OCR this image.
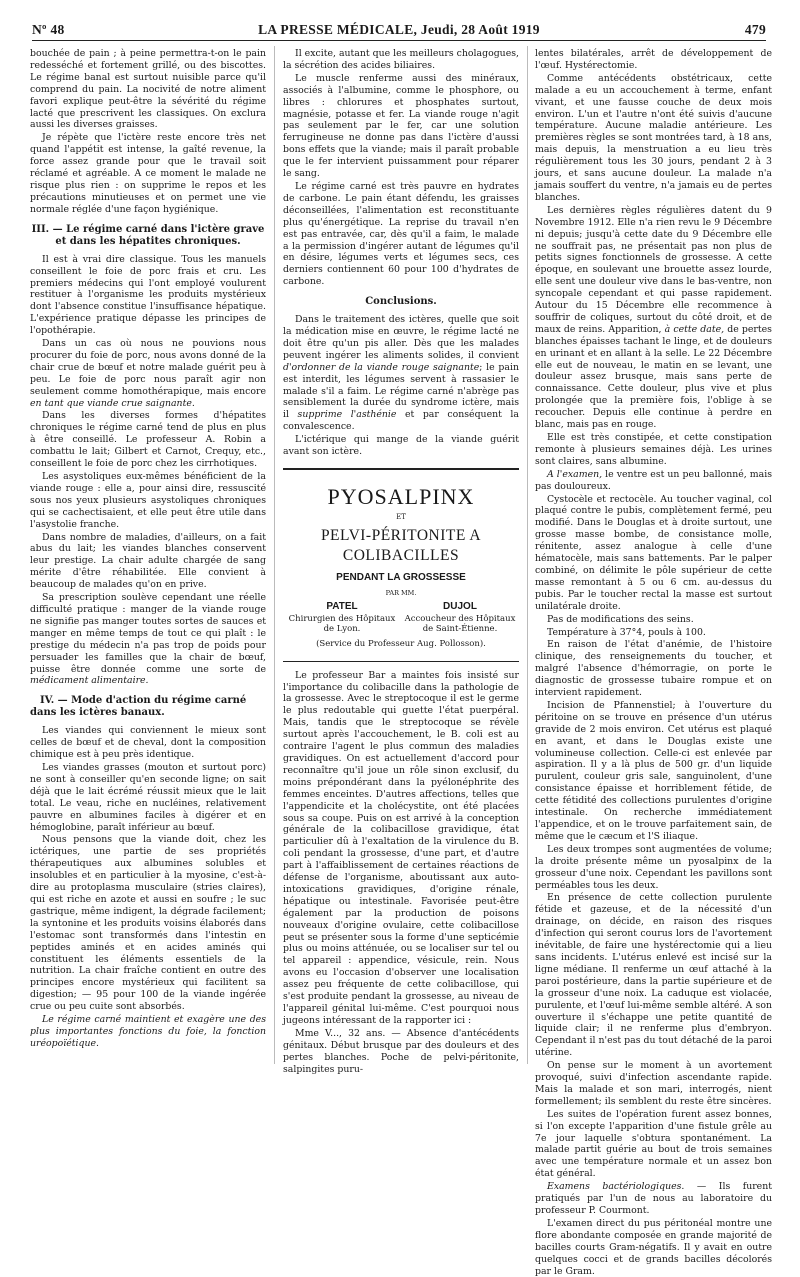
Nº 48	LA PRESSE MÉDICALE, Jeudi, 28 Août 1919	479

bouchée de pain ; à peine permettra-t-on le pain redesséché et fortement grillé, ou des biscottes. Le régime banal est surtout nuisible parce qu'il comprend du pain. La nocivité de notre aliment favori explique peut-être la sévérité du régime lacté que prescrivent les classiques. On exclura aussi les diverses graisses.

Je répète que l'ictère reste encore très net quand l'appétit est intense, la gaîté revenue, la force assez grande pour que le travail soit réclamé et agréable. A ce moment le malade ne risque plus rien : on supprime le repos et les précautions minutieuses et on permet une vie normale réglée d'une façon hygiénique.

III. — Le régime carné dans l'ictère grave et dans les hépatites chroniques.

Il est à vrai dire classique. Tous les manuels conseillent le foie de porc frais et cru. Les premiers médecins qui l'ont employé voulurent restituer à l'organisme les produits mystérieux dont l'absence constitue l'insuffisance hépatique. L'expérience pratique dépasse les principes de l'opothérapie.

Dans un cas où nous ne pouvions nous procurer du foie de porc, nous avons donné de la chair crue de bœuf et notre malade guérit peu à peu. Le foie de porc nous paraît agir non seulement comme homothérapique, mais encore en tant que viande crue saignante.

Dans les diverses formes d'hépatites chroniques le régime carné tend de plus en plus à être conseillé. Le professeur A. Robin a combattu le lait; Gilbert et Carnot, Crequy, etc., conseillent le foie de porc chez les cirrhotiques.

Les asystoliques eux-mêmes bénéficient de la viande rouge : elle a, pour ainsi dire, ressuscité sous nos yeux plusieurs asystoliques chroniques qui se cachectisaient, et elle peut être utile dans l'asystolie franche.

Dans nombre de maladies, d'ailleurs, on a fait abus du lait; les viandes blanches conservent leur prestige. La chair adulte chargée de sang mérite d'être réhabilitée. Elle convient à beaucoup de malades qu'on en prive.

Sa prescription soulève cependant une réelle difficulté pratique : manger de la viande rouge ne signifie pas manger toutes sortes de sauces et manger en même temps de tout ce qui plaît : le prestige du médecin n'a pas trop de poids pour persuader les familles que la chair de bœuf, puisse être donnée comme une sorte de médicament alimentaire.

IV. — Mode d'action du régime carné dans les ictères banaux.

Les viandes qui conviennent le mieux sont celles de bœuf et de cheval, dont la composition chimique est à peu près identique.

Les viandes grasses (mouton et surtout porc) ne sont à conseiller qu'en seconde ligne; on sait déjà que le lait écrémé réussit mieux que le lait total. Le veau, riche en nucléines, relativement pauvre en albumines faciles à digérer et en hémoglobine, paraît inférieur au bœuf.

Nous pensons que la viande doit, chez les ictériques, une partie de ses propriétés thérapeutiques aux albumines solubles et insolubles et en particulier à la myosine, c'est-à-dire au protoplasma musculaire (stries claires), qui est riche en azote et aussi en soufre ; le suc gastrique, même indigent, la dégrade facilement; la syntonine et les produits voisins élaborés dans l'estomac sont transformés dans l'intestin en peptides aminés et en acides aminés qui constituent les éléments essentiels de la nutrition. La chair fraîche contient en outre des principes encore mystérieux qui facilitent sa digestion; — 95 pour 100 de la viande ingérée crue ou peu cuite sont absorbés.

Le régime carné maintient et exagère une des plus importantes fonctions du foie, la fonction uréopoïétique.

Il excite, autant que les meilleurs cholagogues, la sécrétion des acides biliaires.

Le muscle renferme aussi des minéraux, associés à l'albumine, comme le phosphore, ou libres : chlorures et phosphates surtout, magnésie, potasse et fer. La viande rouge n'agit pas seulement par le fer, car une solution ferrugineuse ne donne pas dans l'ictère d'aussi bons effets que la viande; mais il paraît probable que le fer intervient puissamment pour réparer le sang.

Le régime carné est très pauvre en hydrates de carbone. Le pain étant défendu, les graisses déconseillées, l'alimentation est reconstituante plus qu'énergétique. La reprise du travail n'en est pas entravée, car, dès qu'il a faim, le malade a la permission d'ingérer autant de légumes qu'il en désire, légumes verts et légumes secs, ces derniers contiennent 60 pour 100 d'hydrates de carbone.

Conclusions.

Dans le traitement des ictères, quelle que soit la médication mise en œuvre, le régime lacté ne doit être qu'un pis aller. Dès que les malades peuvent ingérer les aliments solides, il convient d'ordonner de la viande rouge saignante; le pain est interdit, les légumes servent à rassasier le malade s'il a faim. Le régime carné n'abrège pas sensiblement la durée du syndrome ictère, mais il supprime l'asthénie et par conséquent la convalescence.

L'ictérique qui mange de la viande guérit avant son ictère.

PYOSALPINX
ET
PELVI-PÉRITONITE A COLIBACILLES
PENDANT LA GROSSESSE
PAR MM.
PATEL
Chirurgien des Hôpitaux de Lyon.
DUJOL
Accoucheur des Hôpitaux de Saint-Étienne.
(Service du Professeur Aug. Pollosson).

Le professeur Bar a maintes fois insisté sur l'importance du colibacille dans la pathologie de la grossesse. Avec le streptocoque il est le germe le plus redoutable qui guette l'état puerpéral. Mais, tandis que le streptocoque se révèle surtout après l'accouchement, le B. coli est au contraire l'agent le plus commun des maladies gravidiques. On est actuellement d'accord pour reconnaître qu'il joue un rôle sinon exclusif, du moins prépondérant dans la pyélonéphrite des femmes enceintes. D'autres affections, telles que l'appendicite et la cholécystite, ont été placées sous sa coupe. Puis on est arrivé à la conception générale de la colibacillose gravidique, état particulier dû à l'exaltation de la virulence du B. coli pendant la grossesse, d'une part, et d'autre part à l'affaiblissement de certaines réactions de défense de l'organisme, aboutissant aux auto-intoxications gravidiques, d'origine rénale, hépatique ou intestinale. Favorisée peut-être également par la production de poisons nouveaux d'origine ovulaire, cette colibacillose peut se présenter sous la forme d'une septicémie plus ou moins atténuée, ou se localiser sur tel ou tel appareil : appendice, vésicule, rein. Nous avons eu l'occasion d'observer une localisation assez peu fréquente de cette colibacillose, qui s'est produite pendant la grossesse, au niveau de l'appareil génital lui-même. C'est pourquoi nous jugeons intéressant de la rapporter ici :

Mme V..., 32 ans. — Absence d'antécédents génitaux. Début brusque par des douleurs et des pertes blanches. Poche de pelvi-péritonite, salpingites puru-

lentes bilatérales, arrêt de développement de l'œuf. Hystérectomie.

Comme antécédents obstétricaux, cette malade a eu un accouchement à terme, enfant vivant, et une fausse couche de deux mois environ. L'un et l'autre n'ont été suivis d'aucune température. Aucune maladie antérieure. Les premières règles se sont montrées tard, à 18 ans, mais depuis, la menstruation a eu lieu très régulièrement tous les 30 jours, pendant 2 à 3 jours, et sans aucune douleur. La malade n'a jamais souffert du ventre, n'a jamais eu de pertes blanches.

Les dernières règles régulières datent du 9 Novembre 1912. Elle n'a rien revu le 9 Décembre ni depuis; jusqu'à cette date du 9 Décembre elle ne souffrait pas, ne présentait pas non plus de petits signes fonctionnels de grossesse. A cette époque, en soulevant une brouette assez lourde, elle sent une douleur vive dans le bas-ventre, non syncopale cependant et qui passe rapidement. Autour du 15 Décembre elle recommence à souffrir de coliques, surtout du côté droit, et de maux de reins. Apparition, à cette date, de pertes blanches épaisses tachant le linge, et de douleurs en urinant et en allant à la selle. Le 22 Décembre elle eut de nouveau, le matin en se levant, une douleur assez brusque, mais sans perte de connaissance. Cette douleur, plus vive et plus prolongée que la première fois, l'oblige à se recoucher. Depuis elle continue à perdre en blanc, mais pas en rouge.

Elle est très constipée, et cette constipation remonte à plusieurs semaines déjà. Les urines sont claires, sans albumine.

A l'examen, le ventre est un peu ballonné, mais pas douloureux.

Cystocèle et rectocèle. Au toucher vaginal, col plaqué contre le pubis, complètement fermé, peu modifié. Dans le Douglas et à droite surtout, une grosse masse bombe, de consistance molle, rénitente, assez analogue à celle d'une hématocèle, mais sans battements. Par le palper combiné, on délimite le pôle supérieur de cette masse remontant à 5 ou 6 cm. au-dessus du pubis. Par le toucher rectal la masse est surtout unilatérale droite.

Pas de modifications des seins.

Température à 37°4, pouls à 100.

En raison de l'état d'anémie, de l'histoire clinique, des renseignements du toucher, et malgré l'absence d'hémorragie, on porte le diagnostic de grossesse tubaire rompue et on intervient rapidement.

Incision de Pfannenstiel; à l'ouverture du péritoine on se trouve en présence d'un utérus gravide de 2 mois environ. Cet utérus est plaqué en avant, et dans le Douglas existe une volumineuse collection. Celle-ci est enlevée par aspiration. Il y a là plus de 500 gr. d'un liquide purulent, couleur gris sale, sanguinolent, d'une consistance épaisse et horriblement fétide, de cette fétidité des collections purulentes d'origine intestinale. On recherche immédiatement l'appendice, et on le trouve parfaitement sain, de même que le cæcum et l'S iliaque.

Les deux trompes sont augmentées de volume; la droite présente même un pyosalpinx de la grosseur d'une noix. Cependant les pavillons sont perméables tous les deux.

En présence de cette collection purulente fétide et gazeuse, et de la nécessité d'un drainage, on décide, en raison des risques d'infection qui seront courus lors de l'avortement inévitable, de faire une hystérectomie qui a lieu sans incidents. L'utérus enlevé est incisé sur la ligne médiane. Il renferme un œuf attaché à la paroi postérieure, dans la partie supérieure et de la grosseur d'une noix. La caduque est violacée, purulente, et l'œuf lui-même semble altéré. A son ouverture il s'échappe une petite quantité de liquide clair; il ne renferme plus d'embryon. Cependant il n'est pas du tout détaché de la paroi utérine.

On pense sur le moment à un avortement provoqué, suivi d'infection ascendante rapide. Mais la malade et son mari, interrogés, nient formellement; ils semblent du reste être sincères.

Les suites de l'opération furent assez bonnes, si l'on excepte l'apparition d'une fistule grêle au 7e jour laquelle s'obtura spontanément. La malade partit guérie au bout de trois semaines avec une température normale et un assez bon état général.

Examens bactériologiques. — Ils furent pratiqués par l'un de nous au laboratoire du professeur P. Courmont.

L'examen direct du pus péritonéal montre une flore abondante composée en grande majorité de bacilles courts Gram-négatifs. Il y avait en outre quelques cocci et de grands bacilles décolorés par le Gram.
